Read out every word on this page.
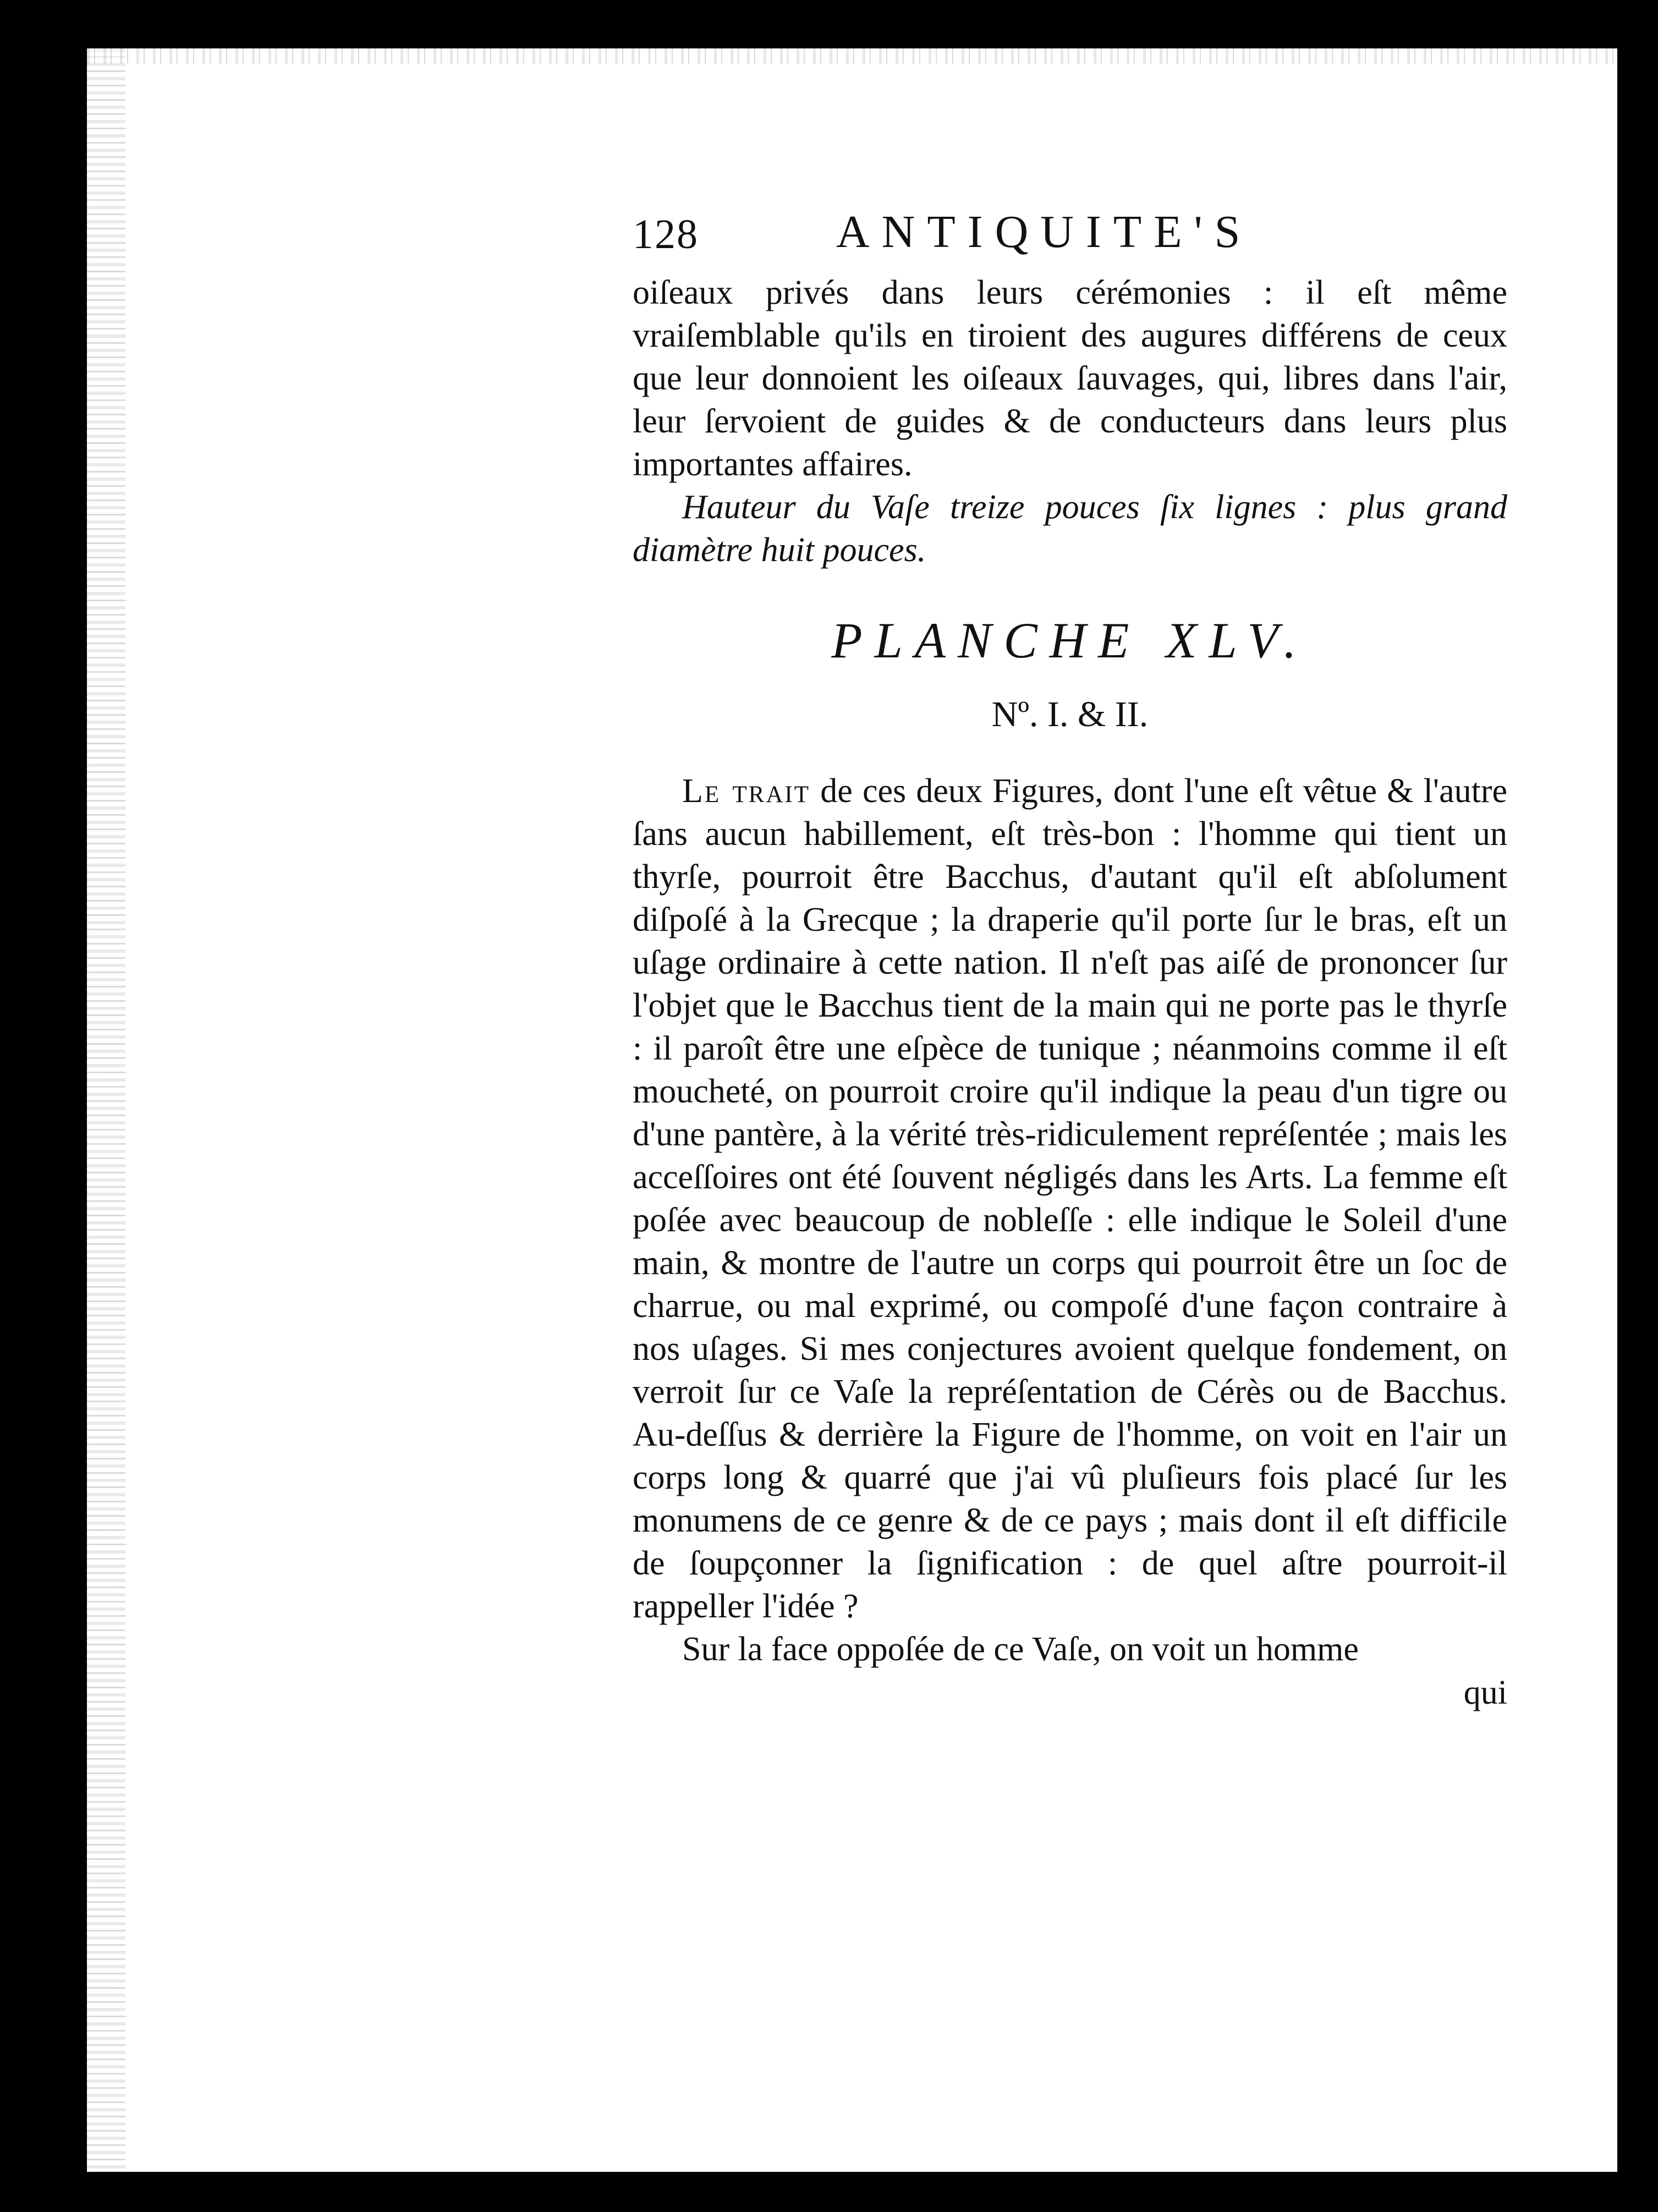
128	ANTIQUITE'S

oiſeaux privés dans leurs cérémonies : il eſt même vraiſemblable qu'ils en tiroient des augures différens de ceux que leur donnoient les oiſeaux ſauvages, qui, libres dans l'air, leur ſervoient de guides & de conducteurs dans leurs plus importantes affaires.

Hauteur du Vaſe treize pouces ſix lignes : plus grand diamètre huit pouces.

PLANCHE XLV.
Nº. I. & II.

Le trait de ces deux Figures, dont l'une eſt vêtue & l'autre ſans aucun habillement, eſt très-bon : l'homme qui tient un thyrſe, pourroit être Bacchus, d'autant qu'il eſt abſolument diſpoſé à la Grecque ; la draperie qu'il porte ſur le bras, eſt un uſage ordinaire à cette nation. Il n'eſt pas aiſé de prononcer ſur l'objet que le Bacchus tient de la main qui ne porte pas le thyrſe : il paroît être une eſpèce de tunique ; néanmoins comme il eſt moucheté, on pourroit croire qu'il indique la peau d'un tigre ou d'une pantère, à la vérité très-ridiculement repréſentée ; mais les acceſſoires ont été ſouvent négligés dans les Arts. La femme eſt poſée avec beaucoup de nobleſſe : elle indique le Soleil d'une main, & montre de l'autre un corps qui pourroit être un ſoc de charrue, ou mal exprimé, ou compoſé d'une façon contraire à nos uſages. Si mes conjectures avoient quelque fondement, on verroit ſur ce Vaſe la repréſentation de Cérès ou de Bacchus. Au-deſſus & derrière la Figure de l'homme, on voit en l'air un corps long & quarré que j'ai vû pluſieurs fois placé ſur les monumens de ce genre & de ce pays ; mais dont il eſt difficile de ſoupçonner la ſignification : de quel aſtre pourroit-il rappeller l'idée ?

Sur la face oppoſée de ce Vaſe, on voit un homme

qui
